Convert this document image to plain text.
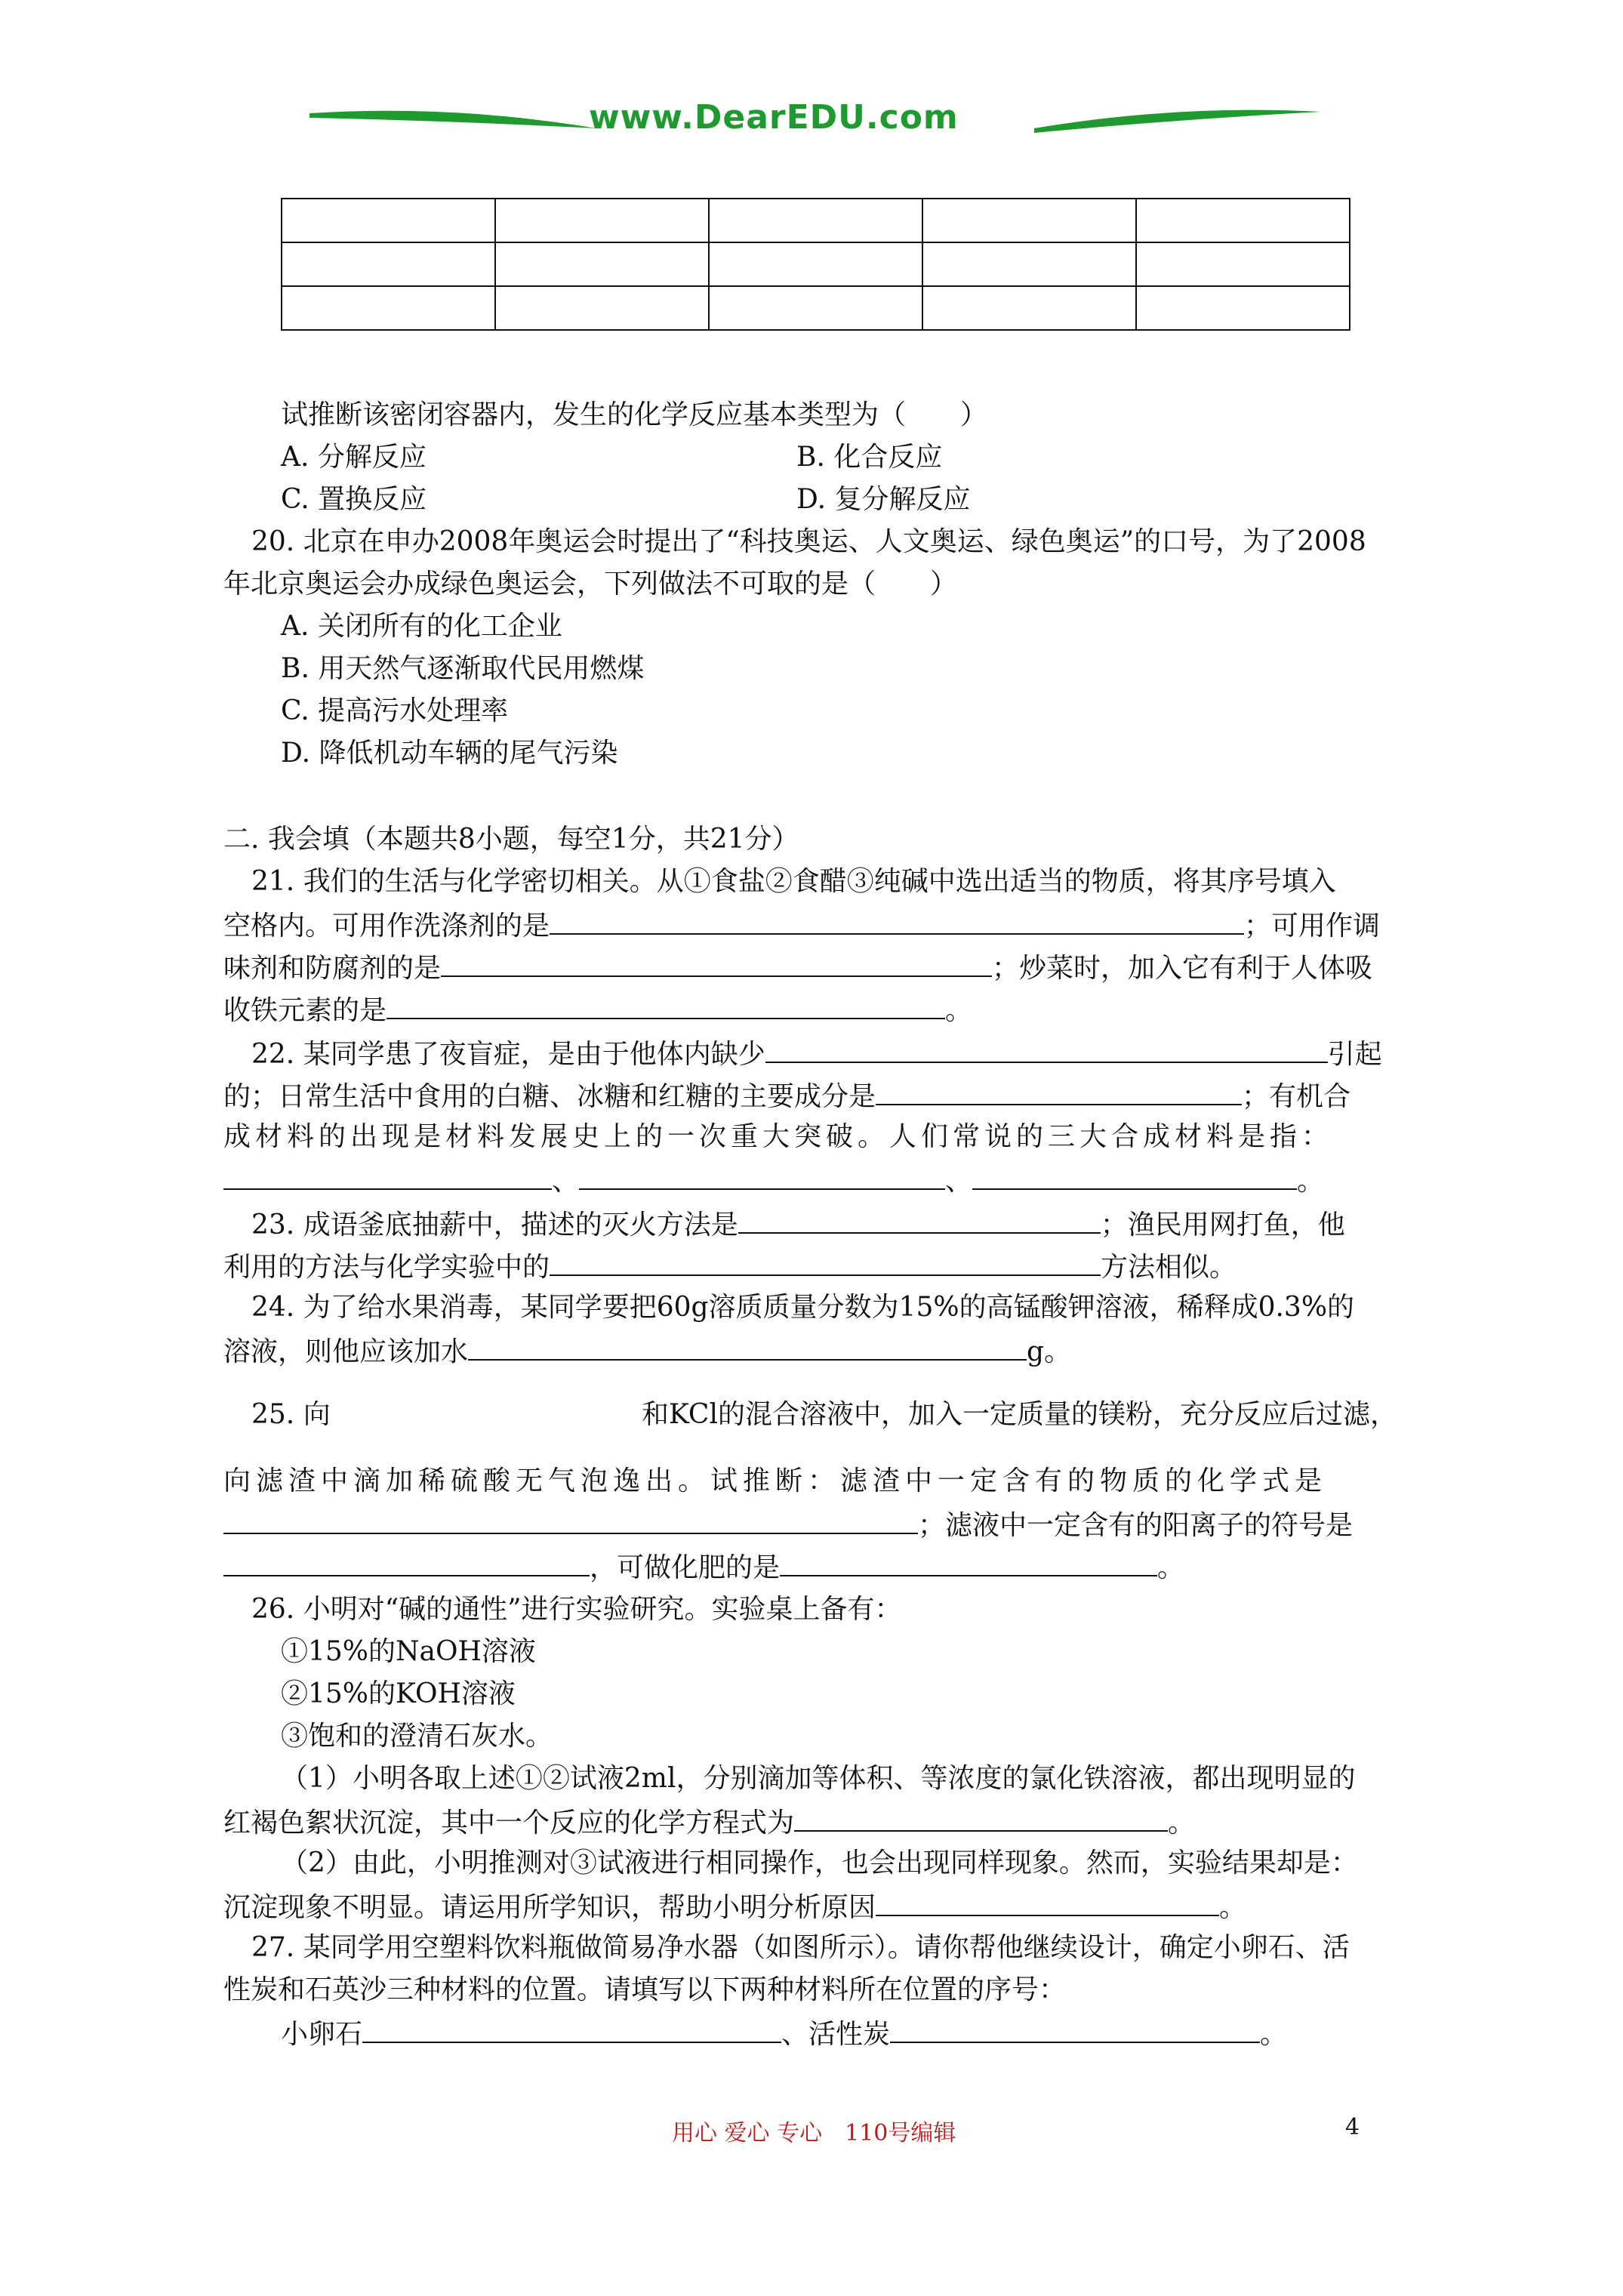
www.DearEDU.com

试推断该密闭容器内，发生的化学反应基本类型为（　　）
A. 分解反应	B. 化合反应
C. 置换反应	D. 复分解反应
20. 北京在申办2008年奥运会时提出了“科技奥运、人文奥运、绿色奥运”的口号，为了2008
年北京奥运会办成绿色奥运会，下列做法不可取的是（　　）
A. 关闭所有的化工企业
B. 用天然气逐渐取代民用燃煤
C. 提高污水处理率
D. 降低机动车辆的尾气污染
二. 我会填（本题共8小题，每空1分，共21分）
21. 我们的生活与化学密切相关。从①食盐②食醋③纯碱中选出适当的物质，将其序号填入
空格内。可用作洗涤剂的是	；可用作调
味剂和防腐剂的是	；炒菜时，加入它有利于人体吸
收铁元素的是	。
22. 某同学患了夜盲症，是由于他体内缺少	引起
的；日常生活中食用的白糖、冰糖和红糖的主要成分是	；有机合
成材料的出现是材料发展史上的一次重大突破。人们常说的三大合成材料是指：
、	、	。
23. 成语釜底抽薪中，描述的灭火方法是	；渔民用网打鱼，他
利用的方法与化学实验中的	方法相似。
24. 为了给水果消毒，某同学要把60g溶质质量分数为15%的高锰酸钾溶液，稀释成0.3%的
溶液，则他应该加水	g。
25. 向	和KCl的混合溶液中，加入一定质量的镁粉，充分反应后过滤，
向滤渣中滴加稀硫酸无气泡逸出。试推断：滤渣中一定含有的物质的化学式是
；滤液中一定含有的阳离子的符号是
，可做化肥的是	。
26. 小明对“碱的通性”进行实验研究。实验桌上备有：
①15%的NaOH溶液
②15%的KOH溶液
③饱和的澄清石灰水。
（1）小明各取上述①②试液2ml，分别滴加等体积、等浓度的氯化铁溶液，都出现明显的
红褐色絮状沉淀，其中一个反应的化学方程式为	。
（2）由此，小明推测对③试液进行相同操作，也会出现同样现象。然而，实验结果却是：
沉淀现象不明显。请运用所学知识，帮助小明分析原因	。
27. 某同学用空塑料饮料瓶做简易净水器（如图所示）。请你帮他继续设计，确定小卵石、活
性炭和石英沙三种材料的位置。请填写以下两种材料所在位置的序号：
小卵石	、活性炭	。
用心 爱心 专心　110号编辑	4
